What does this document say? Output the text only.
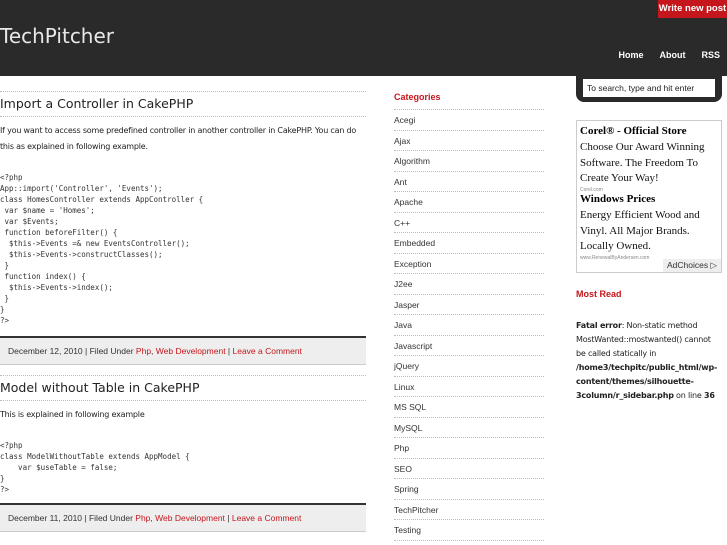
TechPitcher
Write new post
Home About RSS
To search, type and hit enter
Import a Controller in CakePHP
If you want to access some predefined controller in another controller in CakePHP. You can do this as explained in following example.
<?php
App::import('Controller', 'Events');
class HomesController extends AppController {
var $name = 'Homes';
var $Events;
function beforeFilter() {
$this->Events =& new EventsController();
$this->Events->constructClasses();
}
function index() {
$this->Events->index();
}
}
?>
December 12, 2010 | Filed Under Php, Web Development | Leave a Comment
Model without Table in CakePHP
This is explained in following example
<?php
class ModelWithoutTable extends AppModel {
var $useTable = false;
}
?>
December 11, 2010 | Filed Under Php, Web Development | Leave a Comment
Categories
Acegi
Ajax
Algorithm
Ant
Apache
C++
Embedded
Exception
J2ee
Jasper
Java
Javascript
jQuery
Linux
MS SQL
MySQL
Php
SEO
Spring
TechPitcher
Testing
Corel® - Official Store
Choose Our Award Winning Software. The Freedom To Create Your Way!
Corel.com
Windows Prices
Energy Efficient Wood and Vinyl. All Major Brands. Locally Owned.
www.RenewalByAndersen.com
AdChoices ▷
Most Read
Fatal error: Non-static method MostWanted::mostwanted() cannot be called statically in /home3/techpitc/public_html/wp-content/themes/silhouette-3column/r_sidebar.php on line 36
